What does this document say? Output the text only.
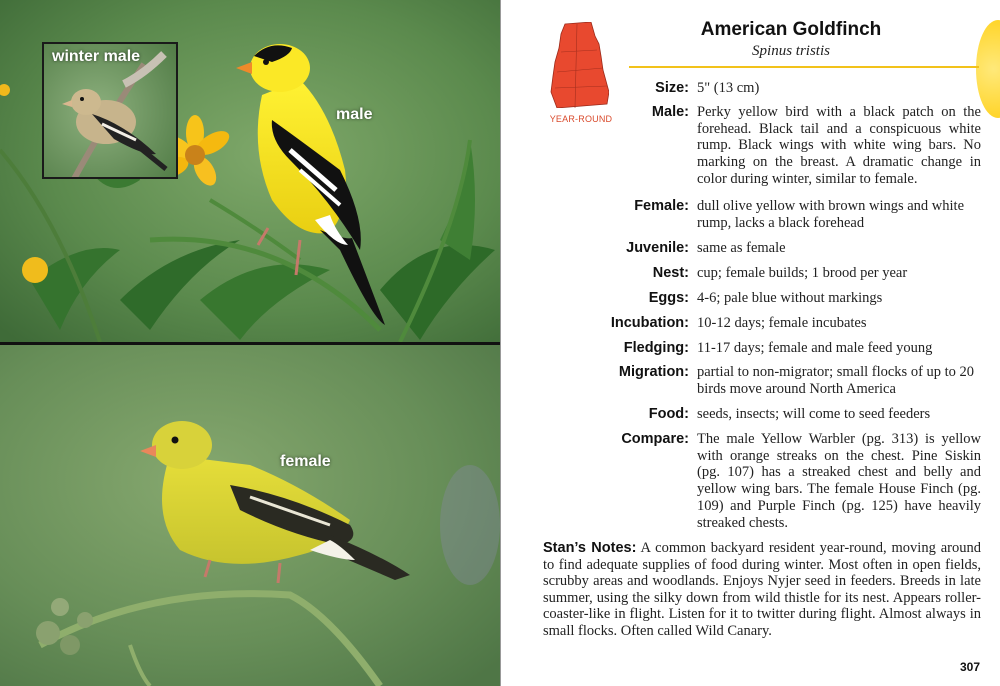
male
winter male
female
YEAR-ROUND
American Goldfinch
Spinus tristis
Size: 5" (13 cm)
Male: Perky yellow bird with a black patch on the forehead. Black tail and a conspicuous white rump. Black wings with white wing bars. No marking on the breast. A dramatic change in color during winter, similar to female.
Female: dull olive yellow with brown wings and white rump, lacks a black forehead
Juvenile: same as female
Nest: cup; female builds; 1 brood per year
Eggs: 4-6; pale blue without markings
Incubation: 10-12 days; female incubates
Fledging: 11-17 days; female and male feed young
Migration: partial to non-migrator; small flocks of up to 20 birds move around North America
Food: seeds, insects; will come to seed feeders
Compare: The male Yellow Warbler (pg. 313) is yellow with orange streaks on the chest. Pine Siskin (pg. 107) has a streaked chest and belly and yellow wing bars. The female House Finch (pg. 109) and Purple Finch (pg. 125) have heavily streaked chests.
Stan’s Notes: A common backyard resident year-round, moving around to find adequate supplies of food during winter. Most often in open fields, scrubby areas and woodlands. Enjoys Nyjer seed in feeders. Breeds in late summer, using the silky down from wild thistle for its nest. Appears roller-coaster-like in flight. Listen for it to twitter during flight. Almost always in small flocks. Often called Wild Canary.
307
